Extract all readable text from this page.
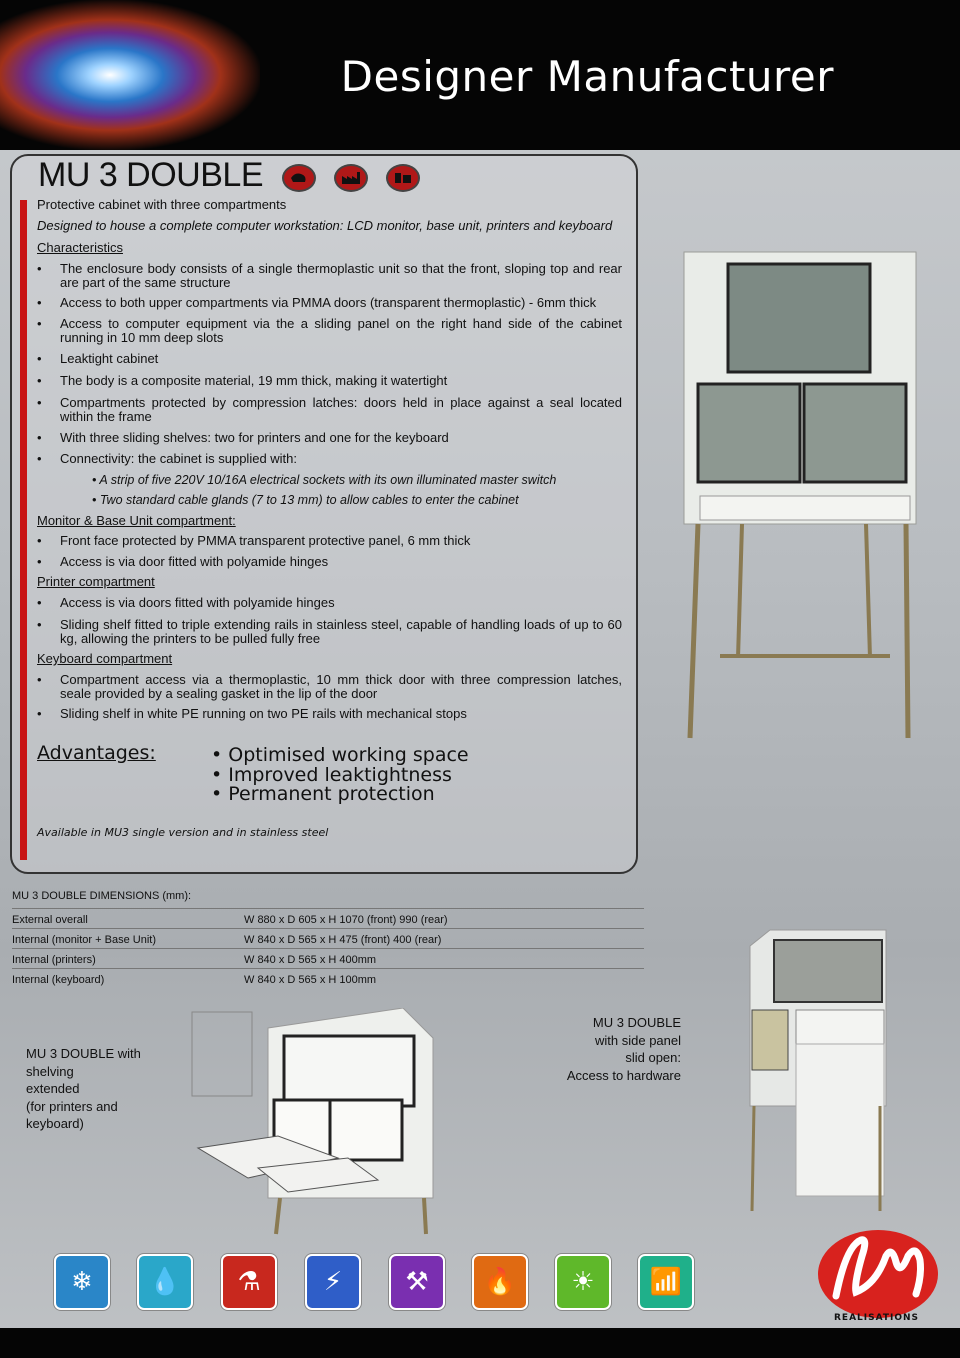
Designer Manufacturer
MU 3 DOUBLE
Protective cabinet with three compartments
Designed to house a complete computer workstation: LCD monitor, base unit, printers and keyboard
Characteristics
• The enclosure body consists of a single thermoplastic unit so that the front, sloping top and rear are part of the same structure
• Access to both upper compartments via PMMA doors (transparent thermoplastic) - 6mm thick
• Access to computer equipment via the a sliding panel on the right hand side of the cabinet running in 10 mm deep slots
• Leaktight cabinet
• The body is a composite material, 19 mm thick, making it watertight
• Compartments protected by compression latches: doors held in place against a seal located within the frame
• With three sliding shelves: two for printers and one for the keyboard
• Connectivity: the cabinet is supplied with:
• A strip of five 220V 10/16A electrical sockets with its own illuminated master switch
• Two standard cable glands (7 to 13 mm) to allow cables to enter the cabinet
Monitor & Base Unit compartment:
• Front face protected by PMMA transparent protective panel, 6 mm thick
• Access is via door fitted with polyamide hinges
Printer compartment
• Access is via doors fitted with polyamide hinges
• Sliding shelf fitted to triple extending rails in stainless steel, capable of handling loads of up to 60 kg, allowing the printers to be pulled fully free
Keyboard compartment
• Compartment access via a thermoplastic, 10 mm thick door with three compression latches, seale provided by a sealing gasket in the lip of the door
• Sliding shelf in white PE running on two PE rails with mechanical stops
Advantages:	• Optimised working space
• Improved leaktightness
• Permanent protection
Available in MU3 single version and in stainless steel
MU 3 DOUBLE DIMENSIONS (mm):
External overall	W 880 x D 605 x H 1070 (front) 990 (rear)
Internal (monitor + Base Unit)	W 840 x D 565 x H 475 (front) 400 (rear)
Internal (printers)	W 840 x D 565 x H 400mm
Internal (keyboard)	W 840 x D 565 x H 100mm
MU 3 DOUBLE with
shelving
extended
(for printers and
keyboard)
MU 3 DOUBLE
with side panel
slid open:
Access to hardware
❄ 💧 ⚗ ⚡ ⚒ 🔥 ☀ 📶
REALISATIONS
